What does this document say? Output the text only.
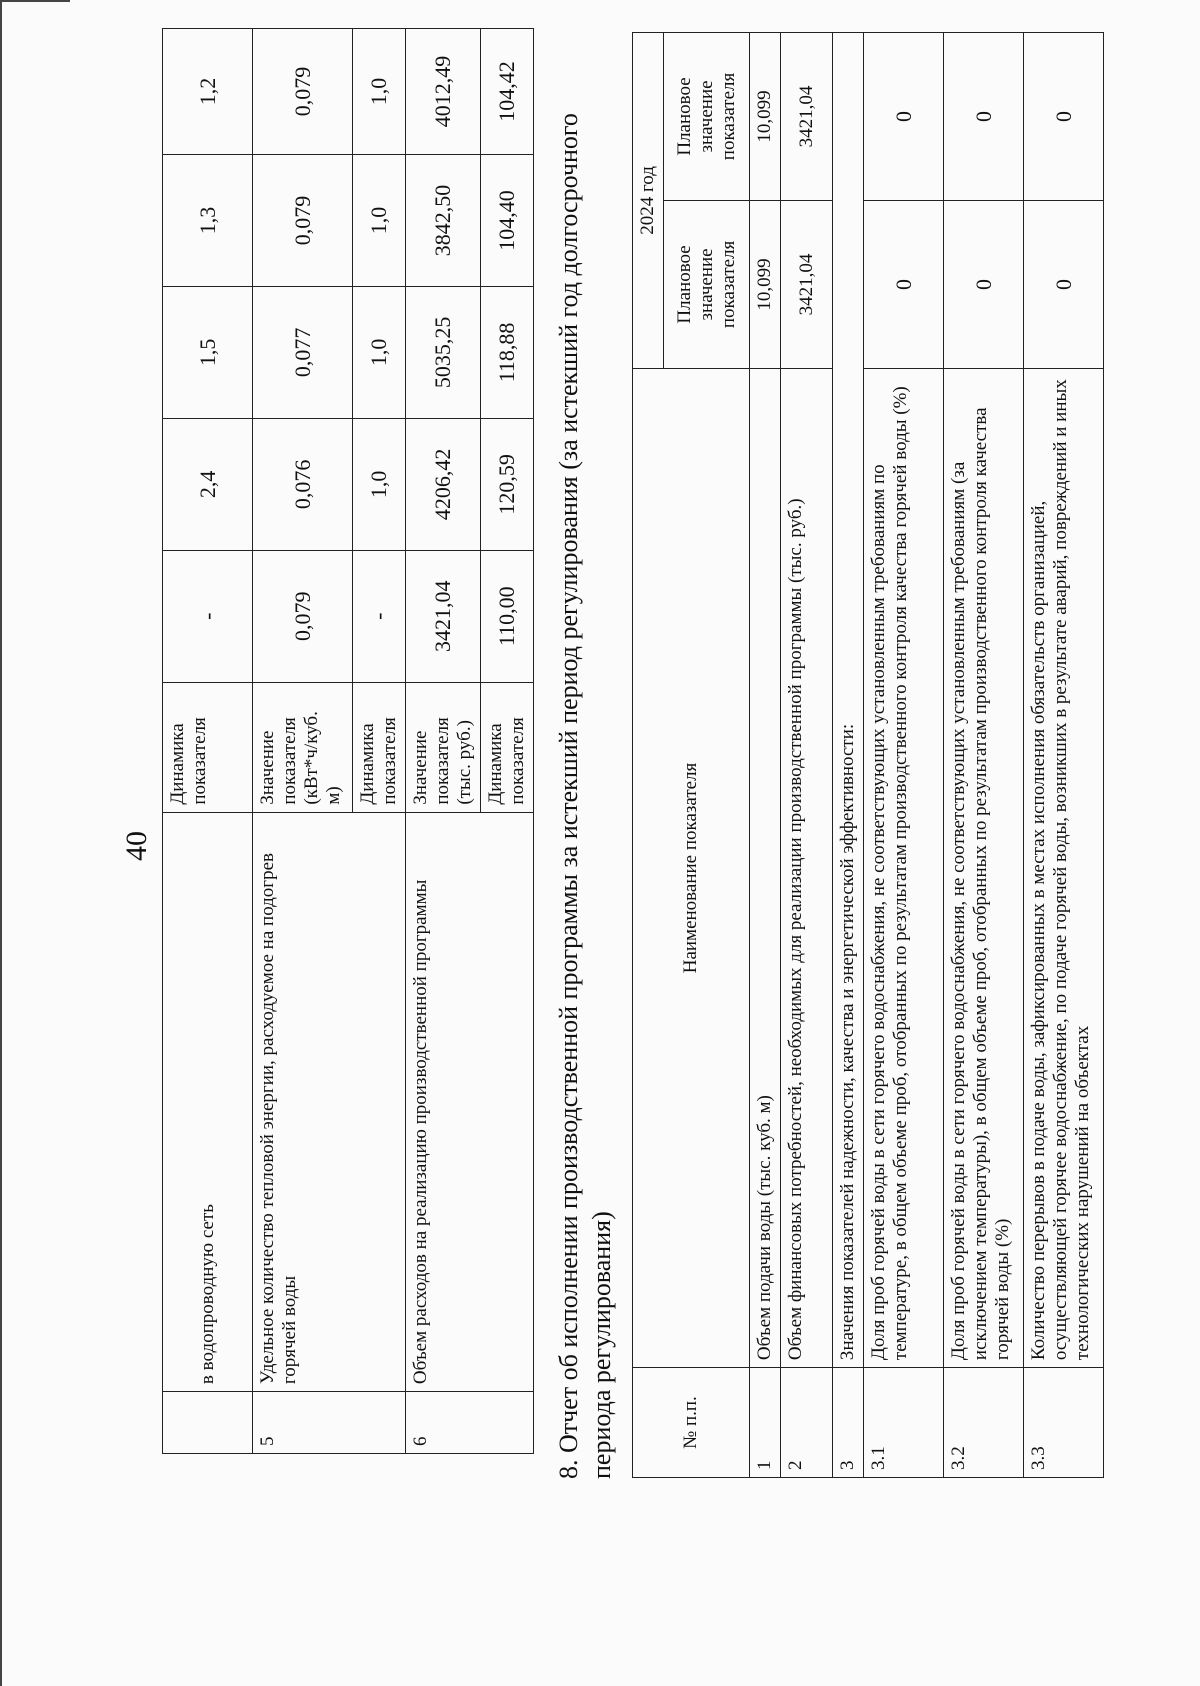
40
	в водопроводную сеть	Динамика показателя	-	2,4	1,5	1,3	1,2
5	Удельное количество тепловой энергии, расходуемое на подогрев горячей воды	Значение показателя (кВт*ч/куб. м)	0,079	0,076	0,077	0,079	0,079
		Динамика показателя	-	1,0	1,0	1,0	1,0
6	Объем расходов на реализацию производственной программы	Значение показателя (тыс. руб.)	3421,04	4206,42	5035,25	3842,50	4012,49
		Динамика показателя	110,00	120,59	118,88	104,40	104,42
8. Отчет об исполнении производственной программы за истекший период регулирования (за истекший год долгосрочного периода регулирования)	№ п.п.	Наименование показателя	2024 год	
		Плановое значение показателя	Плановое значение показателя
1	Объем подачи воды (тыс. куб. м)	10,099	10,099
2	Объем финансовых потребностей, необходимых для реализации производственной программы (тыс. руб.)	3421,04	3421,04
3	Значения показателей надежности, качества и энергетической эффективности:		
3.1	Доля проб горячей воды в сети горячего водоснабжения, не соответствующих установленным требованиям по температуре, в общем объеме проб, отобранных по результатам производственного контроля качества горячей воды (%)	0	0
3.2	Доля проб горячей воды в сети горячего водоснабжения, не соответствующих установленным требованиям (за исключением температуры), в общем объеме проб, отобранных по результатам производственного контроля качества горячей воды (%)	0	0
3.3	Количество перерывов в подаче воды, зафиксированных в местах исполнения обязательств организацией, осуществляющей горячее водоснабжение, по подаче горячей воды, возникших в результате аварий, повреждений и иных технологических нарушений на объектах	0	0
